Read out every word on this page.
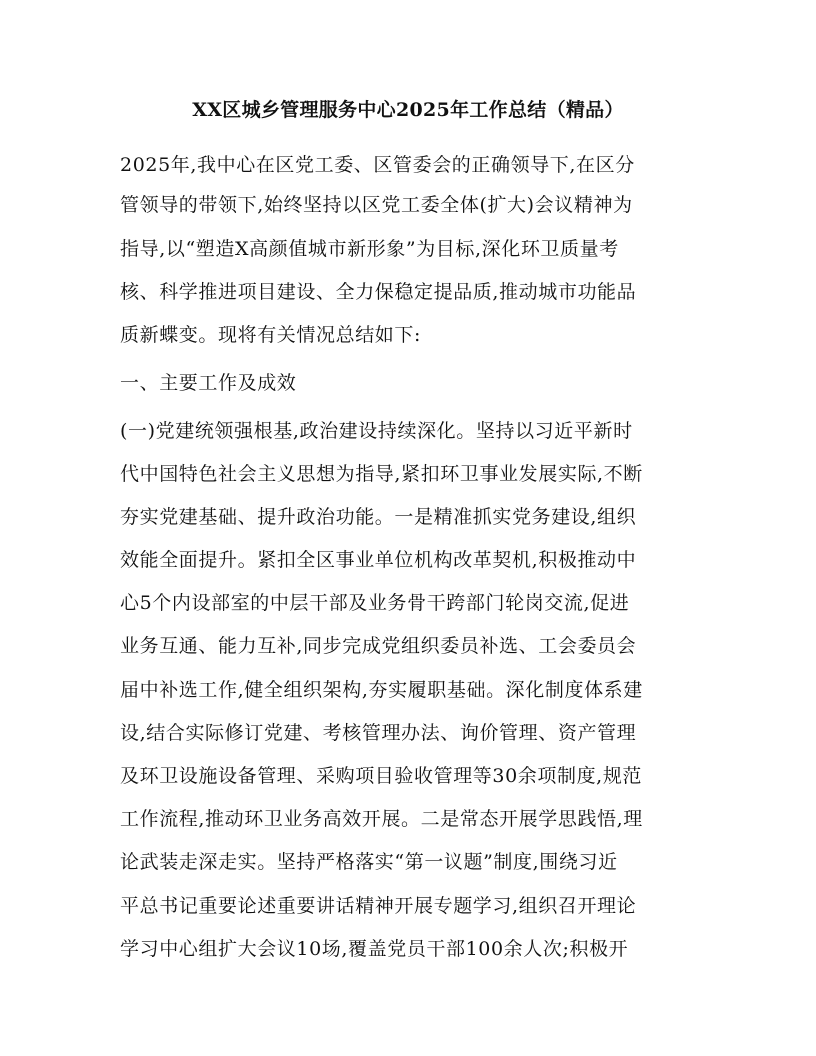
XX区城乡管理服务中心2025年工作总结（精品）
2025年,我中心在区党工委、区管委会的正确领导下,在区分
管领导的带领下,始终坚持以区党工委全体(扩大)会议精神为
指导,以“塑造X高颜值城市新形象”为目标,深化环卫质量考
核、科学推进项目建设、全力保稳定提品质,推动城市功能品
质新蝶变。现将有关情况总结如下:
一、主要工作及成效
(一)党建统领强根基,政治建设持续深化。坚持以习近平新时
代中国特色社会主义思想为指导,紧扣环卫事业发展实际,不断
夯实党建基础、提升政治功能。一是精准抓实党务建设,组织
效能全面提升。紧扣全区事业单位机构改革契机,积极推动中
心5个内设部室的中层干部及业务骨干跨部门轮岗交流,促进
业务互通、能力互补,同步完成党组织委员补选、工会委员会
届中补选工作,健全组织架构,夯实履职基础。深化制度体系建
设,结合实际修订党建、考核管理办法、询价管理、资产管理
及环卫设施设备管理、采购项目验收管理等30余项制度,规范
工作流程,推动环卫业务高效开展。二是常态开展学思践悟,理
论武装走深走实。坚持严格落实“第一议题”制度,围绕习近
平总书记重要论述重要讲话精神开展专题学习,组织召开理论
学习中心组扩大会议10场,覆盖党员干部100余人次;积极开
